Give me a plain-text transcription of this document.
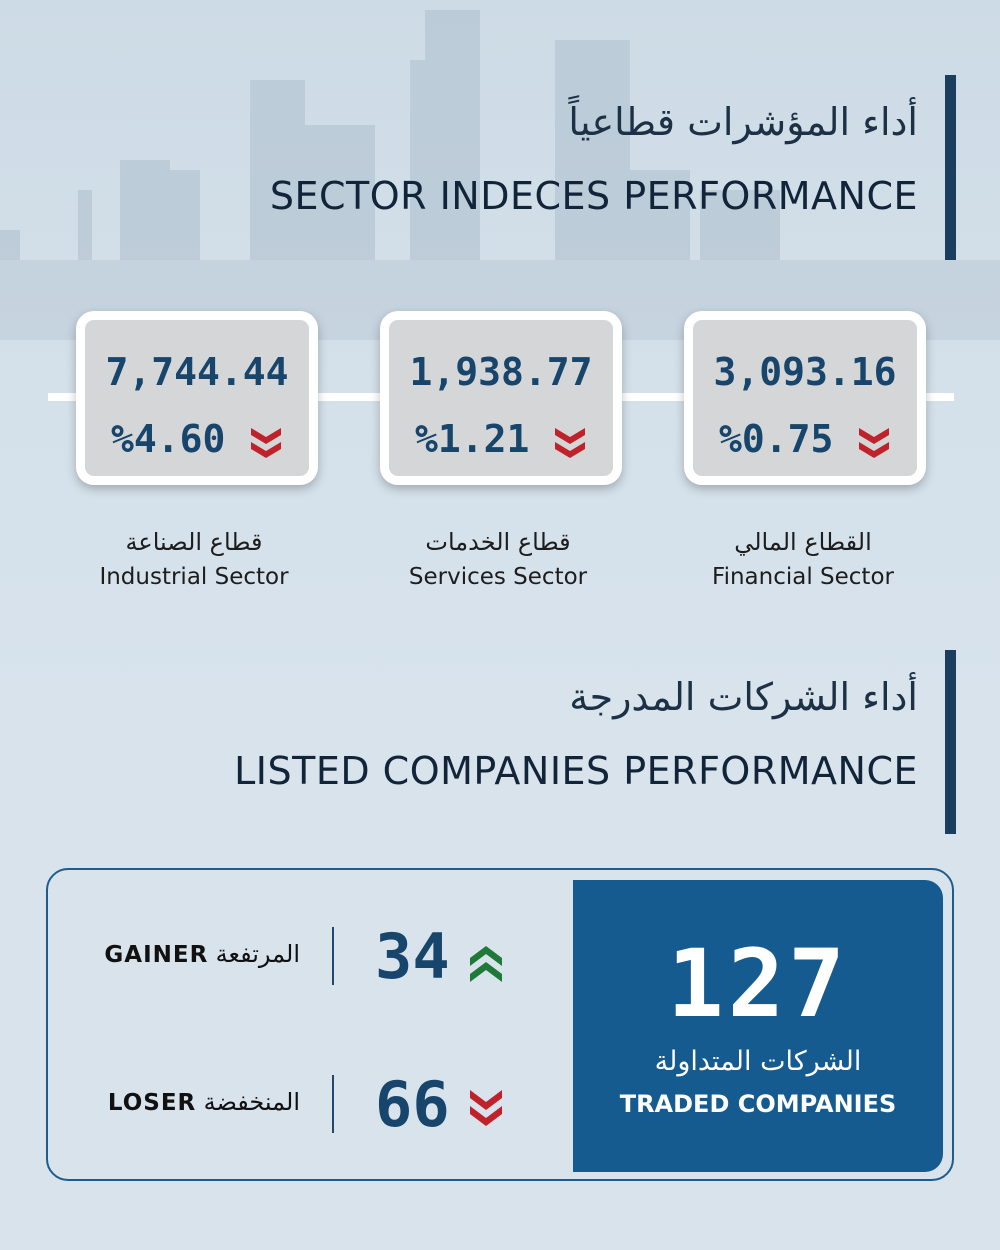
أداء المؤشرات قطاعياً
SECTOR INDECES PERFORMANCE
7,744.44
%4.60
1,938.77
%1.21
3,093.16
%0.75
قطاع الصناعة
Industrial Sector
قطاع الخدمات
Services Sector
القطاع المالي
Financial Sector
أداء الشركات المدرجة
LISTED COMPANIES PERFORMANCE
127
الشركات المتداولة
TRADED COMPANIES
GAINER المرتفعة 34
LOSER المنخفضة 66
